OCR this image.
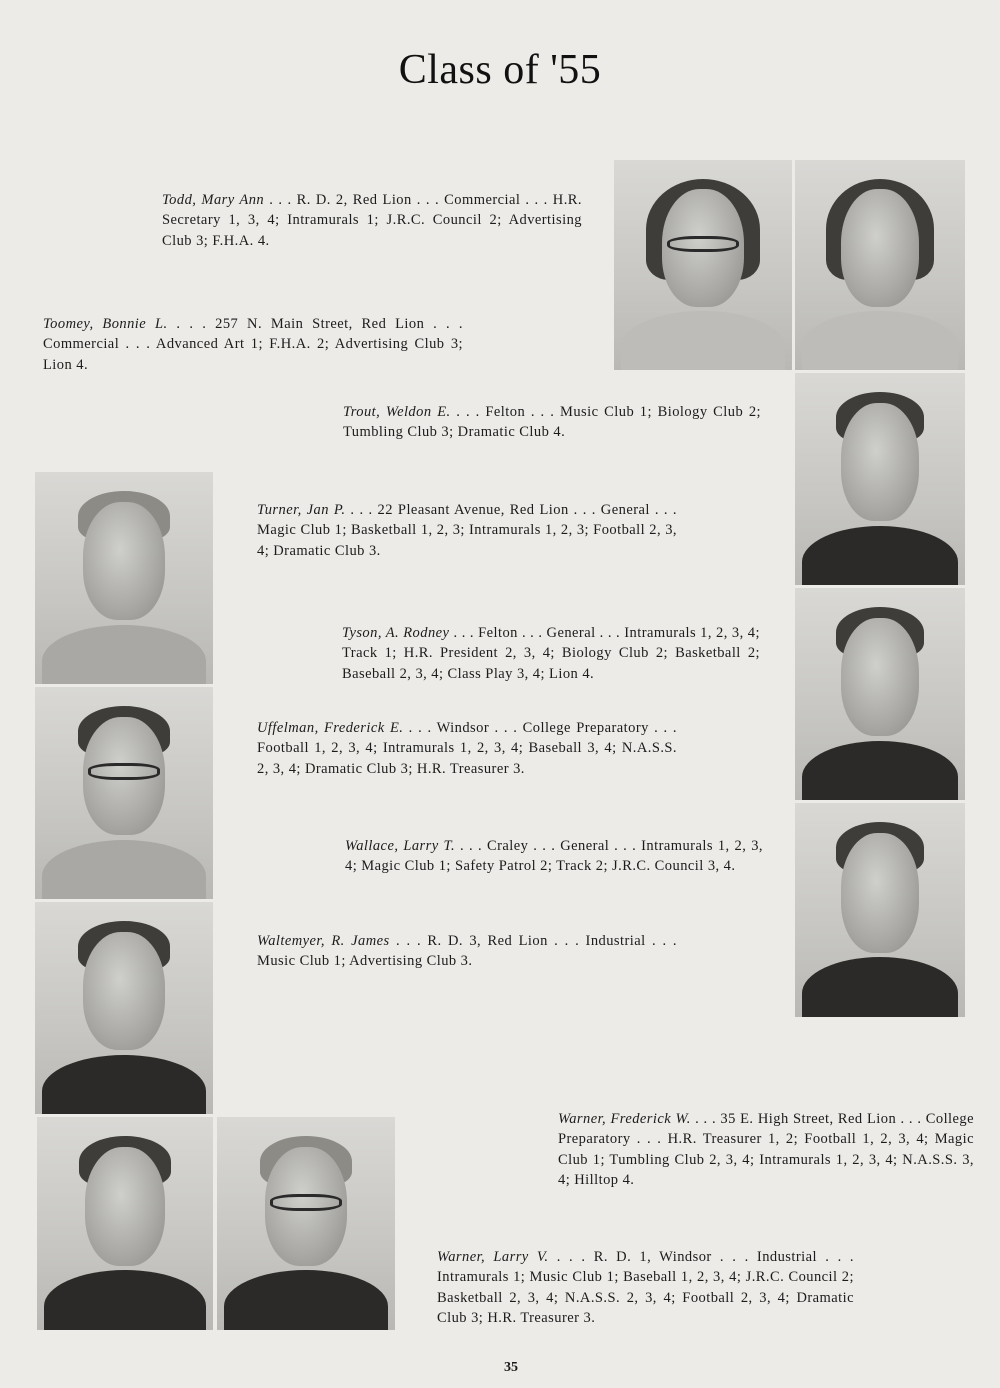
Class of '55
Todd, Mary Ann . . . R. D. 2, Red Lion . . . Commercial . . . H.R. Secretary 1, 3, 4; Intramurals 1; J.R.C. Council 2; Advertising Club 3; F.H.A. 4.
Toomey, Bonnie L. . . . 257 N. Main Street, Red Lion . . . Commercial . . . Advanced Art 1; F.H.A. 2; Advertising Club 3; Lion 4.
Trout, Weldon E. . . . Felton . . . Music Club 1; Biology Club 2; Tumbling Club 3; Dramatic Club 4.
Turner, Jan P. . . . 22 Pleasant Avenue, Red Lion . . . General . . . Magic Club 1; Basketball 1, 2, 3; Intramurals 1, 2, 3; Football 2, 3, 4; Dramatic Club 3.
Tyson, A. Rodney . . . Felton . . . General . . . Intramurals 1, 2, 3, 4; Track 1; H.R. President 2, 3, 4; Biology Club 2; Basketball 2; Baseball 2, 3, 4; Class Play 3, 4; Lion 4.
Uffelman, Frederick E. . . . Windsor . . . College Preparatory . . . Football 1, 2, 3, 4; Intramurals 1, 2, 3, 4; Baseball 3, 4; N.A.S.S. 2, 3, 4; Dramatic Club 3; H.R. Treasurer 3.
Wallace, Larry T. . . . Craley . . . General . . . Intramurals 1, 2, 3, 4; Magic Club 1; Safety Patrol 2; Track 2; J.R.C. Council 3, 4.
Waltemyer, R. James . . . R. D. 3, Red Lion . . . Industrial . . . Music Club 1; Advertising Club 3.
Warner, Frederick W. . . . 35 E. High Street, Red Lion . . . College Preparatory . . . H.R. Treasurer 1, 2; Football 1, 2, 3, 4; Magic Club 1; Tumbling Club 2, 3, 4; Intramurals 1, 2, 3, 4; N.A.S.S. 3, 4; Hilltop 4.
Warner, Larry V. . . . R. D. 1, Windsor . . . Industrial . . . Intramurals 1; Music Club 1; Baseball 1, 2, 3, 4; J.R.C. Council 2; Basketball 2, 3, 4; N.A.S.S. 2, 3, 4; Football 2, 3, 4; Dramatic Club 3; H.R. Treasurer 3.
35
